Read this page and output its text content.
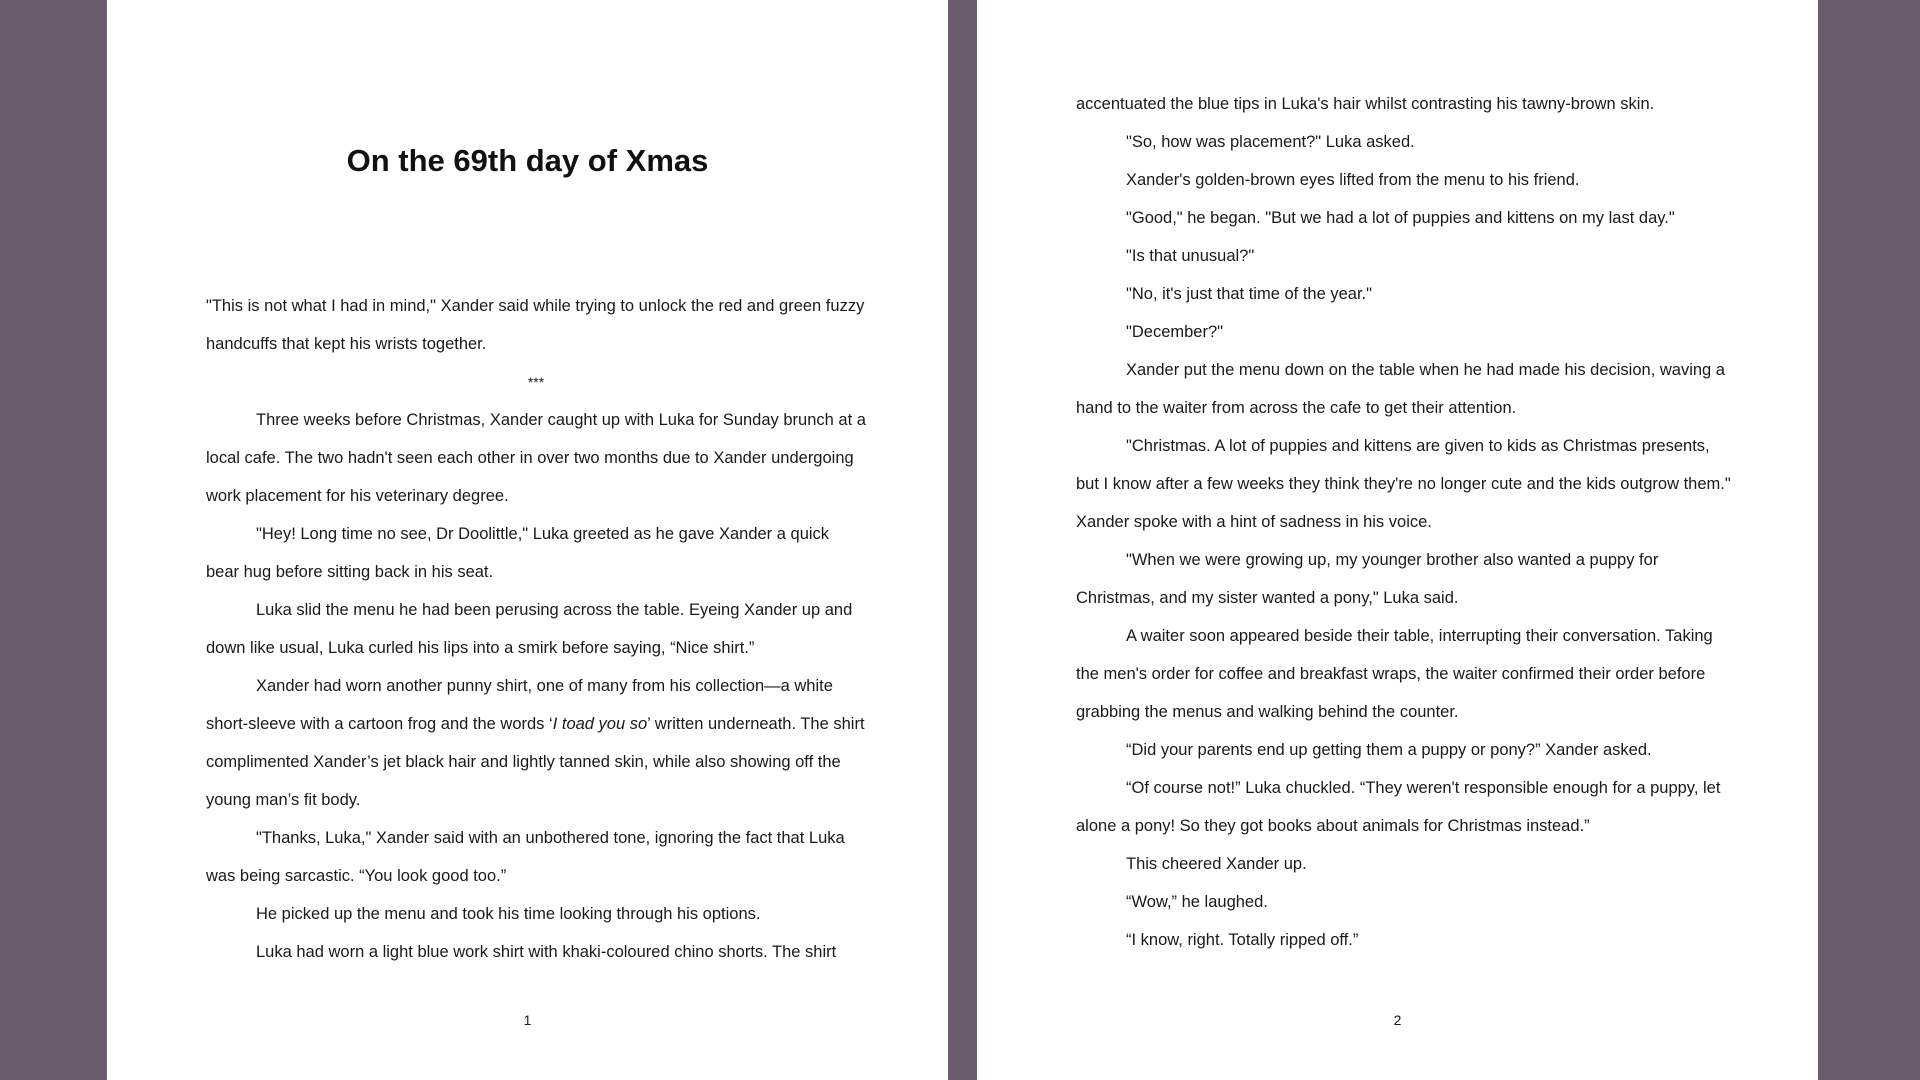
On the 69th day of Xmas

"This is not what I had in mind," Xander said while trying to unlock the red and green fuzzy handcuffs that kept his wrists together.

***

Three weeks before Christmas, Xander caught up with Luka for Sunday brunch at a local cafe. The two hadn't seen each other in over two months due to Xander undergoing work placement for his veterinary degree.

"Hey! Long time no see, Dr Doolittle," Luka greeted as he gave Xander a quick bear hug before sitting back in his seat.

Luka slid the menu he had been perusing across the table. Eyeing Xander up and down like usual, Luka curled his lips into a smirk before saying, “Nice shirt.”

Xander had worn another punny shirt, one of many from his collection—a white short-sleeve with a cartoon frog and the words ‘I toad you so’ written underneath. The shirt complimented Xander’s jet black hair and lightly tanned skin, while also showing off the young man’s fit body.

"Thanks, Luka," Xander said with an unbothered tone, ignoring the fact that Luka was being sarcastic. “You look good too.”

He picked up the menu and took his time looking through his options.

Luka had worn a light blue work shirt with khaki-coloured chino shorts. The shirt

1

accentuated the blue tips in Luka's hair whilst contrasting his tawny-brown skin.

"So, how was placement?" Luka asked.

Xander's golden-brown eyes lifted from the menu to his friend.

"Good," he began. "But we had a lot of puppies and kittens on my last day."

"Is that unusual?"

"No, it's just that time of the year."

"December?"

Xander put the menu down on the table when he had made his decision, waving a hand to the waiter from across the cafe to get their attention.

"Christmas. A lot of puppies and kittens are given to kids as Christmas presents, but I know after a few weeks they think they're no longer cute and the kids outgrow them." Xander spoke with a hint of sadness in his voice.

"When we were growing up, my younger brother also wanted a puppy for Christmas, and my sister wanted a pony," Luka said.

A waiter soon appeared beside their table, interrupting their conversation. Taking the men's order for coffee and breakfast wraps, the waiter confirmed their order before grabbing the menus and walking behind the counter.

“Did your parents end up getting them a puppy or pony?” Xander asked.

“Of course not!” Luka chuckled. “They weren't responsible enough for a puppy, let alone a pony! So they got books about animals for Christmas instead.”

This cheered Xander up.

“Wow,” he laughed.

“I know, right. Totally ripped off.”

2
